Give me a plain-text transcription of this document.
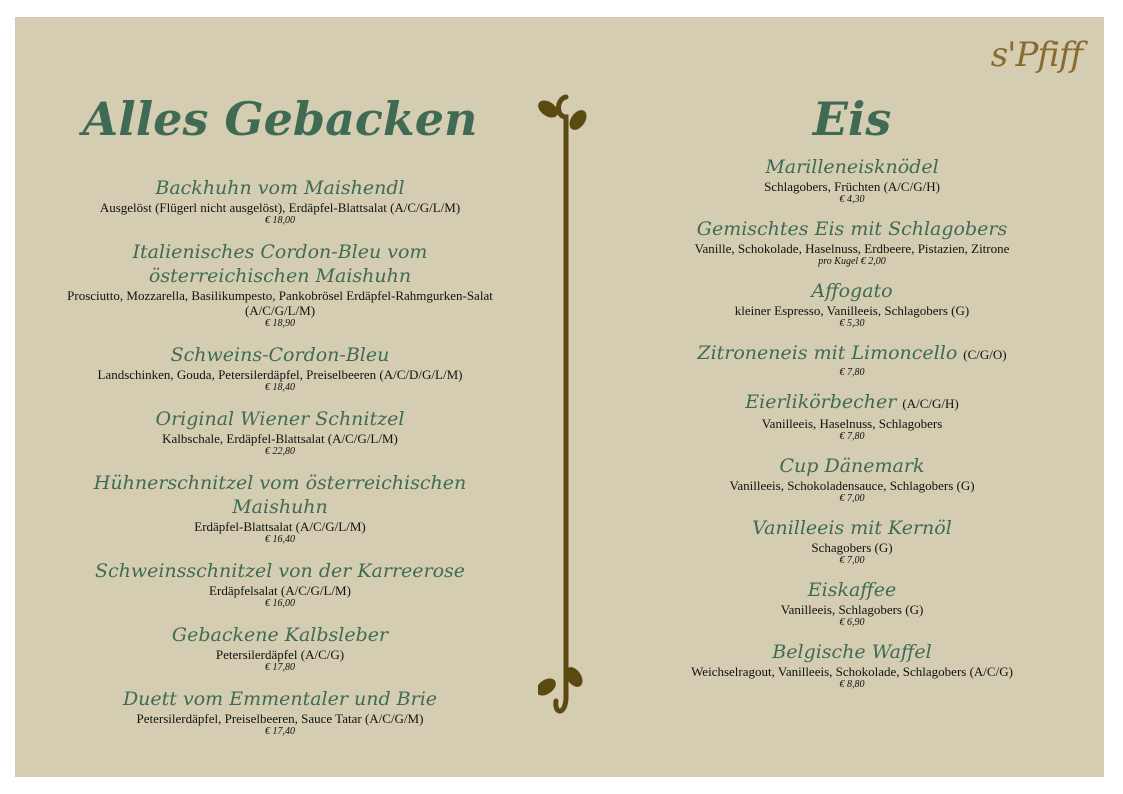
s'Pfiff
Alles Gebacken
Backhuhn vom Maishendl
Ausgelöst (Flügerl nicht ausgelöst), Erdäpfel-Blattsalat (A/C/G/L/M)
€ 18,00
Italienisches Cordon-Bleu vom österreichischen Maishuhn
Prosciutto, Mozzarella, Basilikumpesto, Pankobrösel Erdäpfel-Rahmgurken-Salat (A/C/G/L/M)
€ 18,90
Schweins-Cordon-Bleu
Landschinken, Gouda, Petersilerdäpfel, Preiselbeeren (A/C/D/G/L/M)
€ 18,40
Original Wiener Schnitzel
Kalbschale, Erdäpfel-Blattsalat (A/C/G/L/M)
€ 22,80
Hühnerschnitzel vom österreichischen Maishuhn
Erdäpfel-Blattsalat (A/C/G/L/M)
€ 16,40
Schweinsschnitzel von der Karreerose
Erdäpfelsalat (A/C/G/L/M)
€ 16,00
Gebackene Kalbsleber
Petersilerdäpfel (A/C/G)
€ 17,80
Duett vom Emmentaler und Brie
Petersilerdäpfel, Preiselbeeren, Sauce Tatar (A/C/G/M)
€ 17,40
Eis
Marilleneisknödel
Schlagobers, Früchten (A/C/G/H)
€ 4,30
Gemischtes Eis mit Schlagobers
Vanille, Schokolade, Haselnuss, Erdbeere, Pistazien, Zitrone
pro Kugel € 2,00
Affogato
kleiner Espresso, Vanilleeis, Schlagobers (G)
€ 5,30
Zitroneneis mit Limoncello (C/G/O)
€ 7,80
Eierlikörbecher (A/C/G/H)
Vanilleeis, Haselnuss, Schlagobers
€ 7,80
Cup Dänemark
Vanilleeis, Schokoladensauce, Schlagobers (G)
€ 7,00
Vanilleeis mit Kernöl
Schagobers (G)
€ 7,00
Eiskaffee
Vanilleeis, Schlagobers (G)
€ 6,90
Belgische Waffel
Weichselragout, Vanilleeis, Schokolade, Schlagobers (A/C/G)
€ 8,80
